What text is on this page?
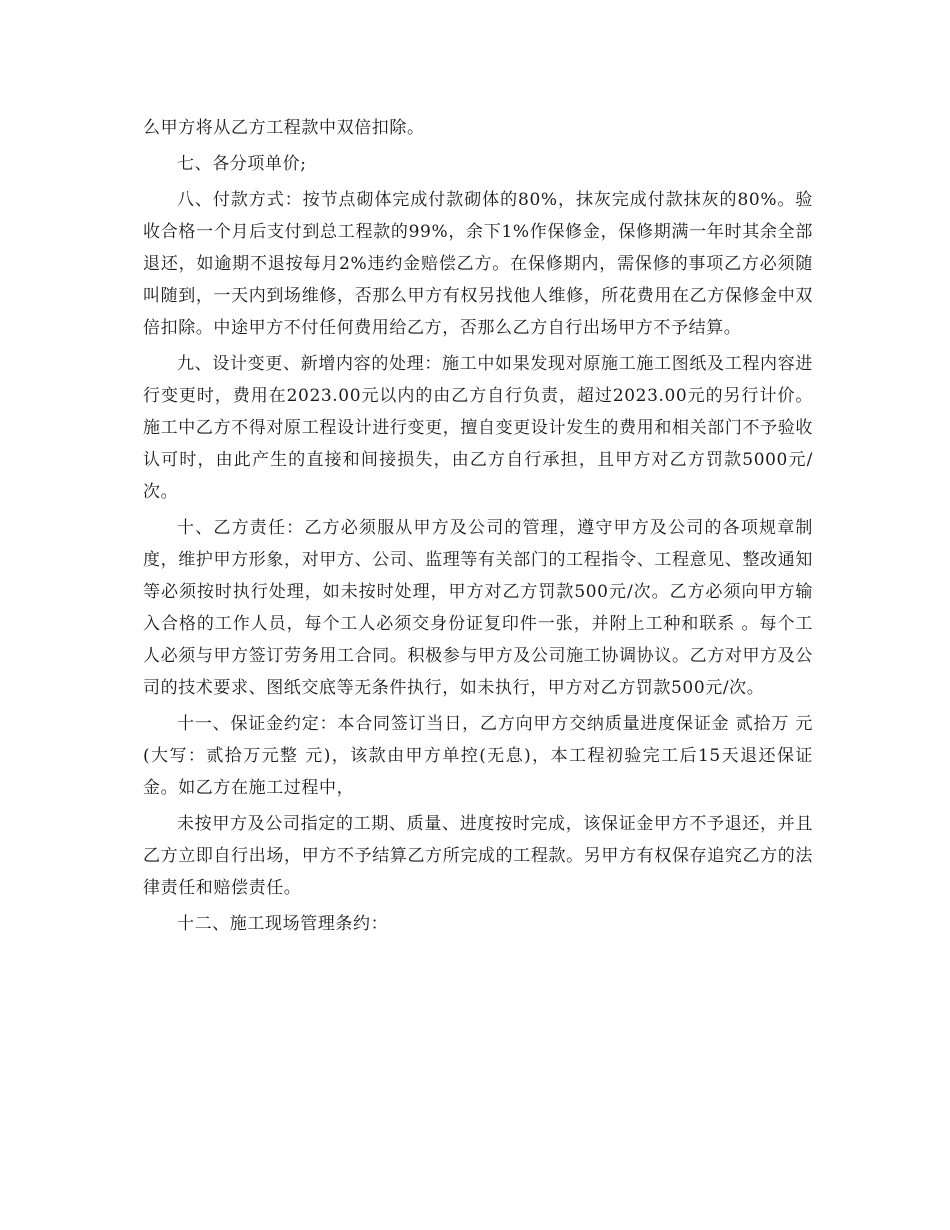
么甲方将从乙方工程款中双倍扣除。

七、各分项单价;

八、付款方式：按节点砌体完成付款砌体的80%，抹灰完成付款抹灰的80%。验收合格一个月后支付到总工程款的99%，余下1%作保修金，保修期满一年时其余全部退还，如逾期不退按每月2%违约金赔偿乙方。在保修期内，需保修的事项乙方必须随叫随到，一天内到场维修，否那么甲方有权另找他人维修，所花费用在乙方保修金中双倍扣除。中途甲方不付任何费用给乙方，否那么乙方自行出场甲方不予结算。

九、设计变更、新增内容的处理：施工中如果发现对原施工施工图纸及工程内容进行变更时，费用在2023.00元以内的由乙方自行负责，超过2023.00元的另行计价。施工中乙方不得对原工程设计进行变更，擅自变更设计发生的费用和相关部门不予验收认可时，由此产生的直接和间接损失，由乙方自行承担，且甲方对乙方罚款5000元/次。

十、乙方责任：乙方必须服从甲方及公司的管理，遵守甲方及公司的各项规章制度，维护甲方形象，对甲方、公司、监理等有关部门的工程指令、工程意见、整改通知等必须按时执行处理，如未按时处理，甲方对乙方罚款500元/次。乙方必须向甲方输入合格的工作人员，每个工人必须交身份证复印件一张，并附上工种和联系 。每个工人必须与甲方签订劳务用工合同。积极参与甲方及公司施工协调协议。乙方对甲方及公司的技术要求、图纸交底等无条件执行，如未执行，甲方对乙方罚款500元/次。

十一、保证金约定：本合同签订当日，乙方向甲方交纳质量进度保证金 贰拾万 元(大写：贰拾万元整 元)，该款由甲方单控(无息)，本工程初验完工后15天退还保证金。如乙方在施工过程中，

未按甲方及公司指定的工期、质量、进度按时完成，该保证金甲方不予退还，并且乙方立即自行出场，甲方不予结算乙方所完成的工程款。另甲方有权保存追究乙方的法律责任和赔偿责任。

十二、施工现场管理条约：
